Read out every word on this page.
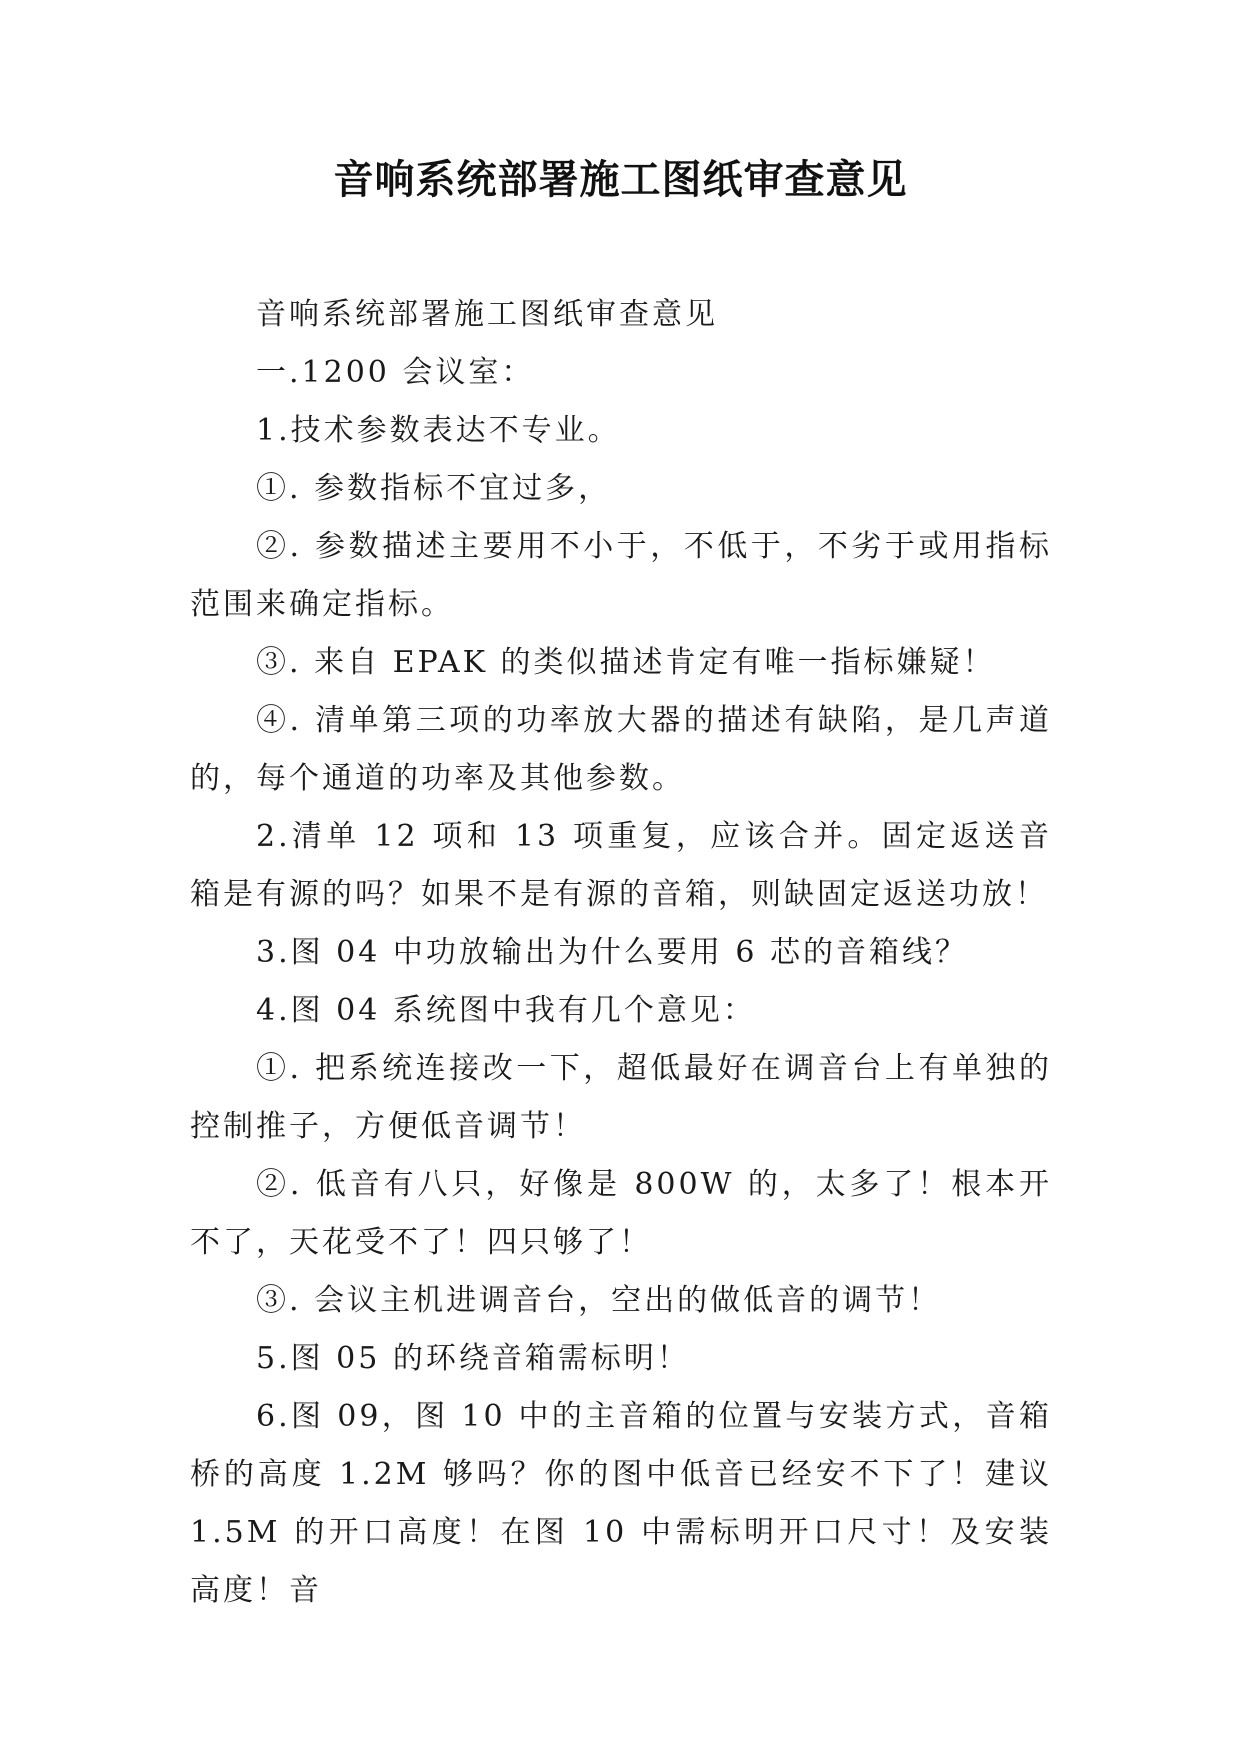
音响系统部署施工图纸审查意见

音响系统部署施工图纸审查意见

一.1200 会议室：

1.技术参数表达不专业。

①. 参数指标不宜过多，

②. 参数描述主要用不小于，不低于，不劣于或用指标范围来确定指标。

③. 来自 EPAK 的类似描述肯定有唯一指标嫌疑！

④. 清单第三项的功率放大器的描述有缺陷，是几声道的，每个通道的功率及其他参数。

2.清单 12 项和 13 项重复，应该合并。固定返送音箱是有源的吗？如果不是有源的音箱，则缺固定返送功放！

3.图 04 中功放输出为什么要用 6 芯的音箱线？

4.图 04 系统图中我有几个意见：

①. 把系统连接改一下，超低最好在调音台上有单独的控制推子，方便低音调节！

②. 低音有八只，好像是 800W 的，太多了！根本开不了，天花受不了！四只够了！

③. 会议主机进调音台，空出的做低音的调节！

5.图 05 的环绕音箱需标明！

6.图 09，图 10 中的主音箱的位置与安装方式，音箱桥的高度 1.2M 够吗？你的图中低音已经安不下了！建议 1.5M 的开口高度！在图 10 中需标明开口尺寸！及安装高度！音
